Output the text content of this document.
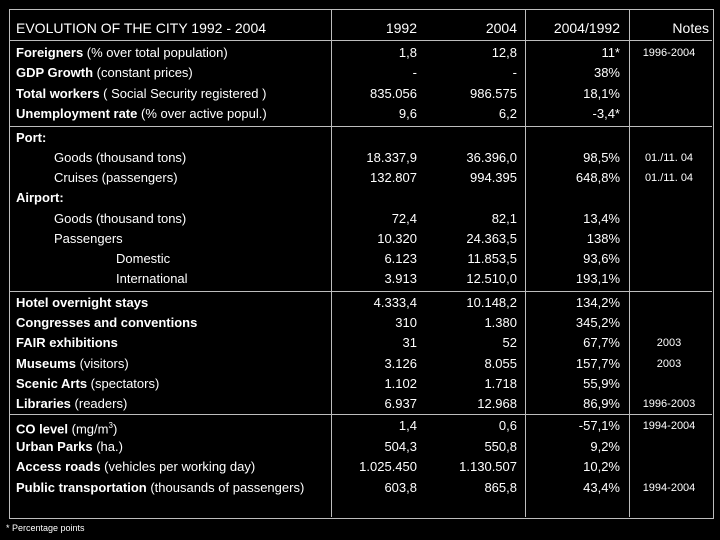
EVOLUTION OF THE CITY 1992 - 2004	1992	2004	2004/1992	Notes
Foreigners (% over total population)	1,8	12,8	11*	1996-2004
GDP Growth (constant prices)	-	-	38%
Total workers ( Social Security registered )	835.056	986.575	18,1%
Unemployment rate (% over active popul.)	9,6	6,2	-3,4*
Port:
Goods (thousand tons)	18.337,9	36.396,0	98,5%	01./11. 04
Cruises (passengers)	132.807	994.395	648,8%	01./11. 04
Airport:
Goods (thousand tons)	72,4	82,1	13,4%
Passengers	10.320	24.363,5	138%
Domestic	6.123	11.853,5	93,6%
International	3.913	12.510,0	193,1%
Hotel overnight stays	4.333,4	10.148,2	134,2%
Congresses and conventions	310	1.380	345,2%
FAIR exhibitions	31	52	67,7%	2003
Museums (visitors)	3.126	8.055	157,7%	2003
Scenic Arts (spectators)	1.102	1.718	55,9%
Libraries (readers)	6.937	12.968	86,9%	1996-2003
CO level $(mg/m^3)$	1,4	0,6	-57,1%	1994-2004
Urban Parks (ha.)	504,3	550,8	9,2%
Access roads (vehicles per working day)	1.025.450	1.130.507	10,2%
Public transportation (thousands of passengers)	603,8	865,8	43,4%	1994-2004
* Percentage points
